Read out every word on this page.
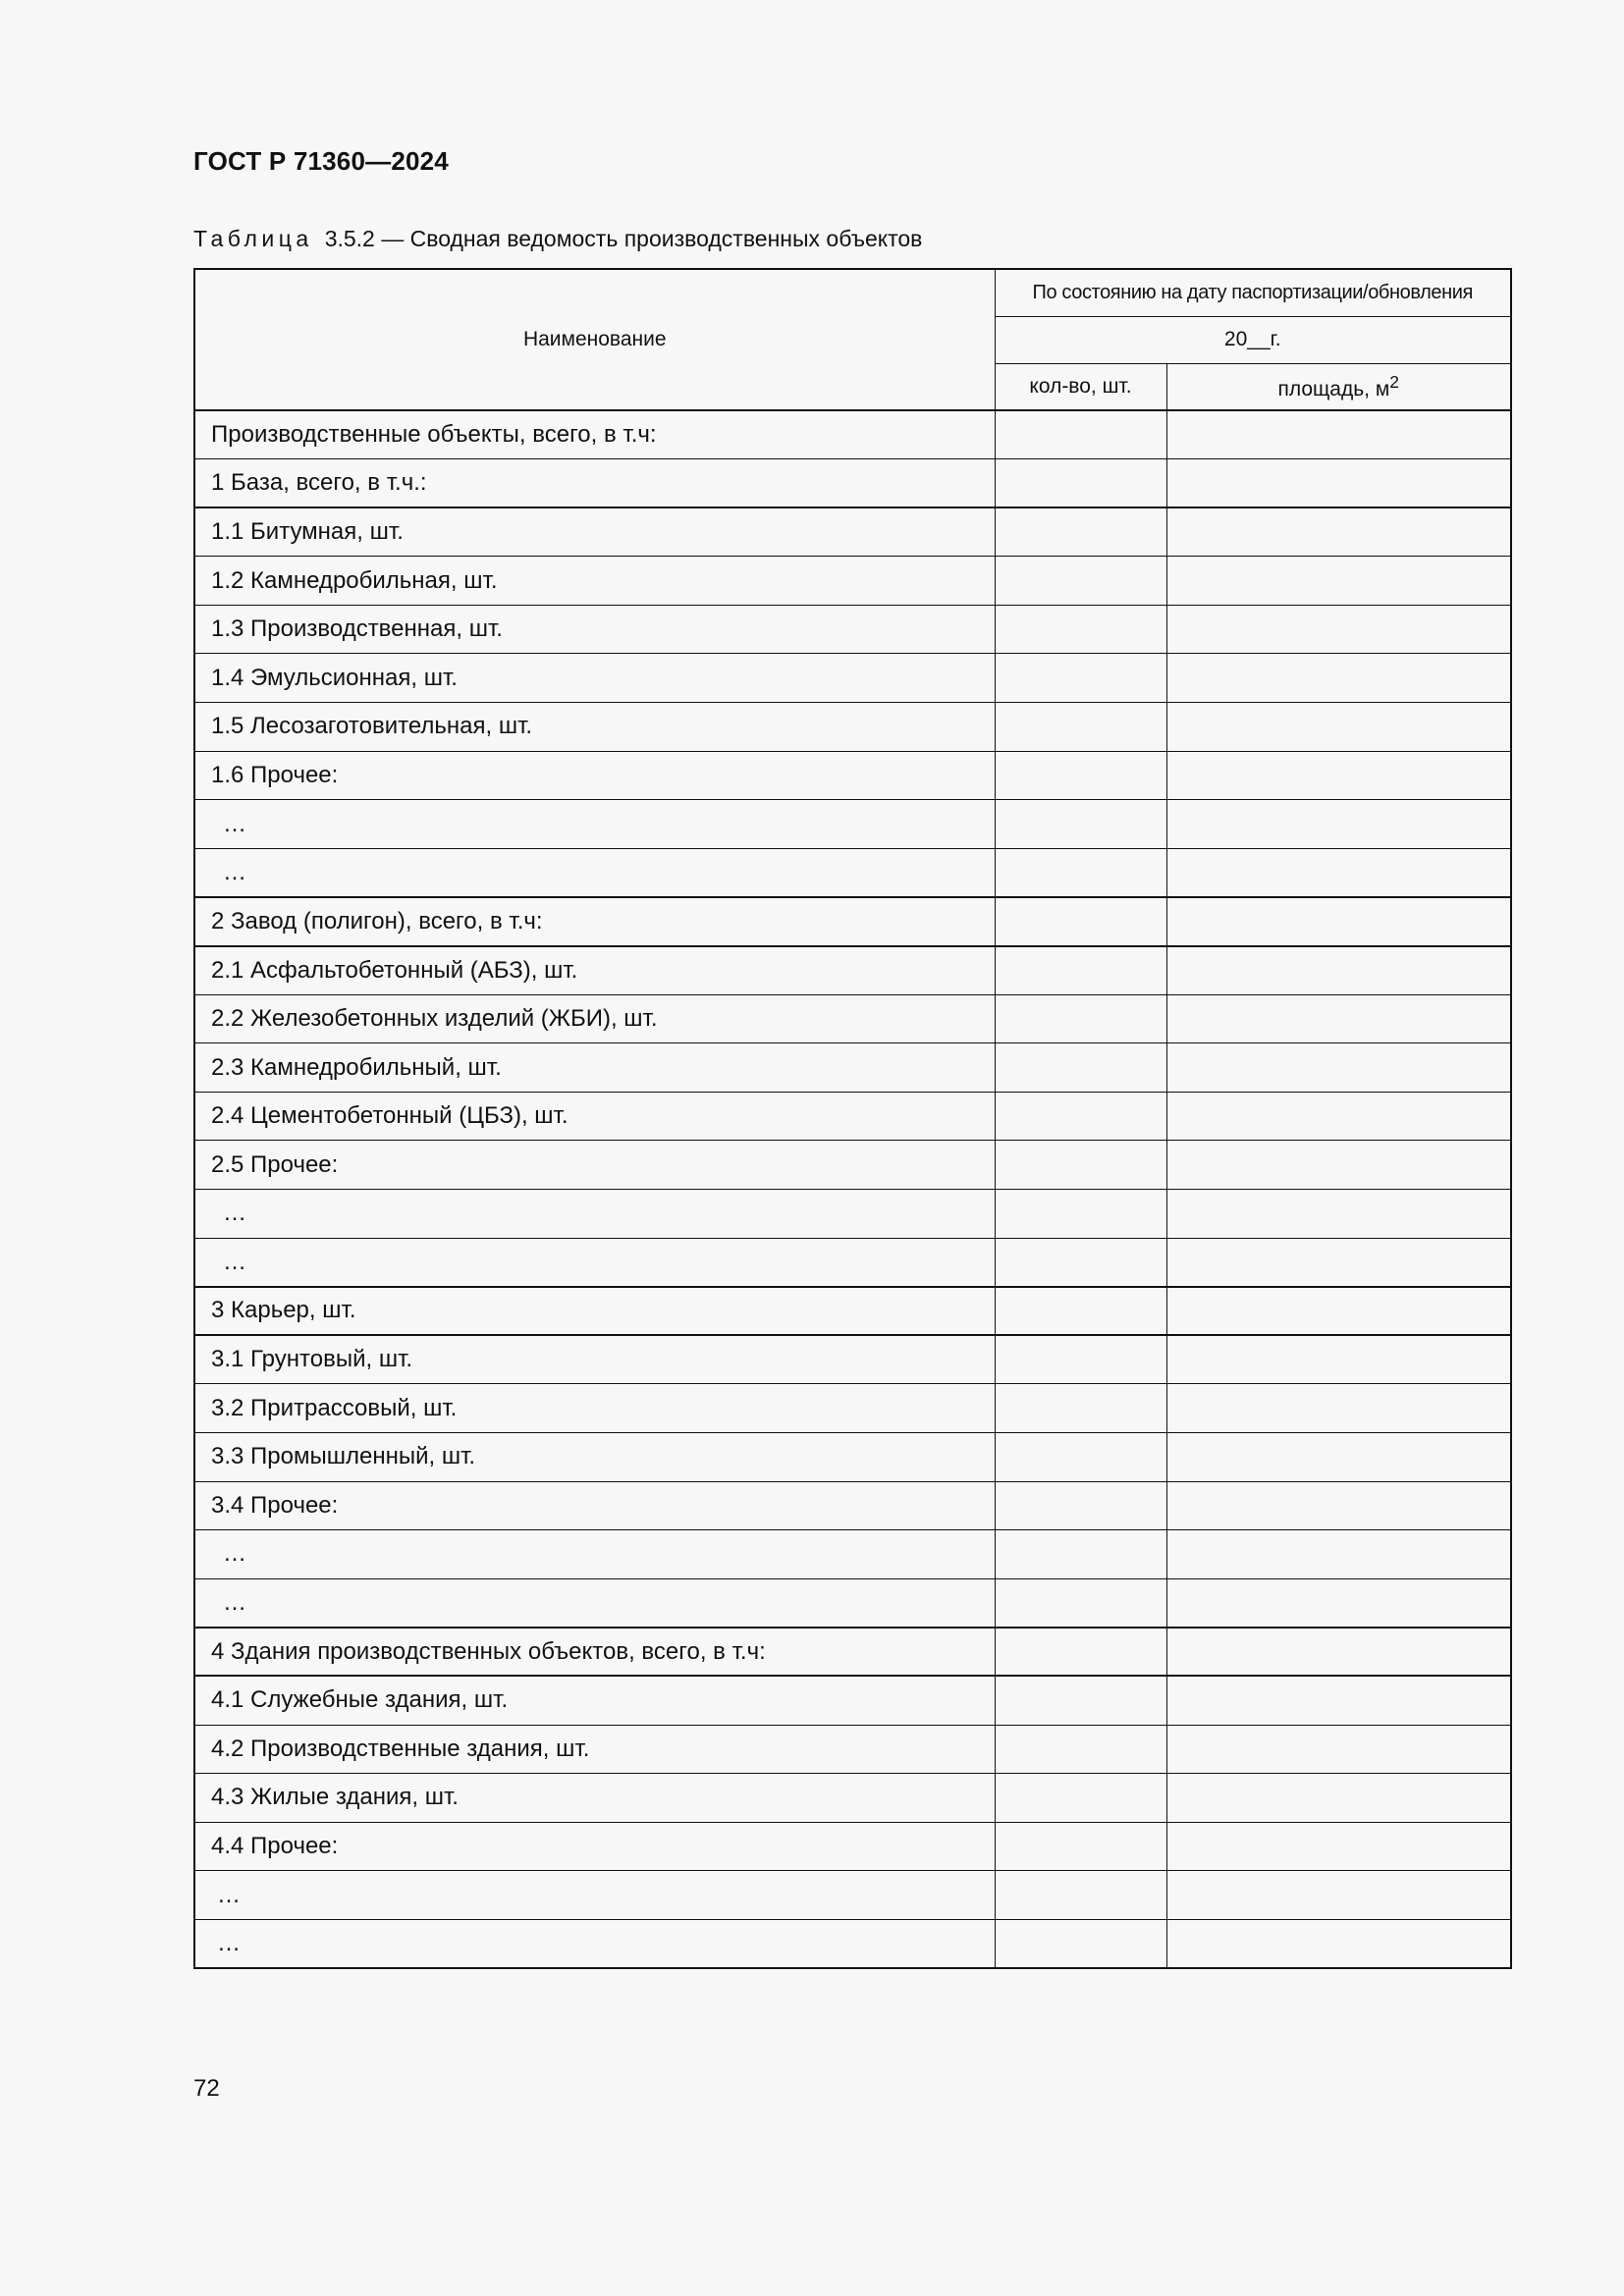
ГОСТ Р 71360—2024
Таблица 3.5.2 — Сводная ведомость производственных объектов
Наименование	По состоянию на дату паспортизации/обновления	
	20__г.	
	кол-во, шт.	площадь, $м^2$
Производственные объекты, всего, в т.ч:		
1 База, всего, в т.ч.:		
1.1 Битумная, шт.		
1.2 Камнедробильная, шт.		
1.3 Производственная, шт.		
1.4 Эмульсионная, шт.		
1.5 Лесозаготовительная, шт.		
1.6 Прочее:		
…		
…		
2 Завод (полигон), всего, в т.ч:		
2.1 Асфальтобетонный (АБЗ), шт.		
2.2 Железобетонных изделий (ЖБИ), шт.		
2.3 Камнедробильный, шт.		
2.4 Цементобетонный (ЦБЗ), шт.		
2.5 Прочее:		
…		
…		
3 Карьер, шт.		
3.1 Грунтовый, шт.		
3.2 Притрассовый, шт.		
3.3 Промышленный, шт.		
3.4 Прочее:		
…		
…		
4 Здания производственных объектов, всего, в т.ч:		
4.1 Служебные здания, шт.		
4.2 Производственные здания, шт.		
4.3 Жилые здания, шт.		
4.4 Прочее:		
…		
…		
72
